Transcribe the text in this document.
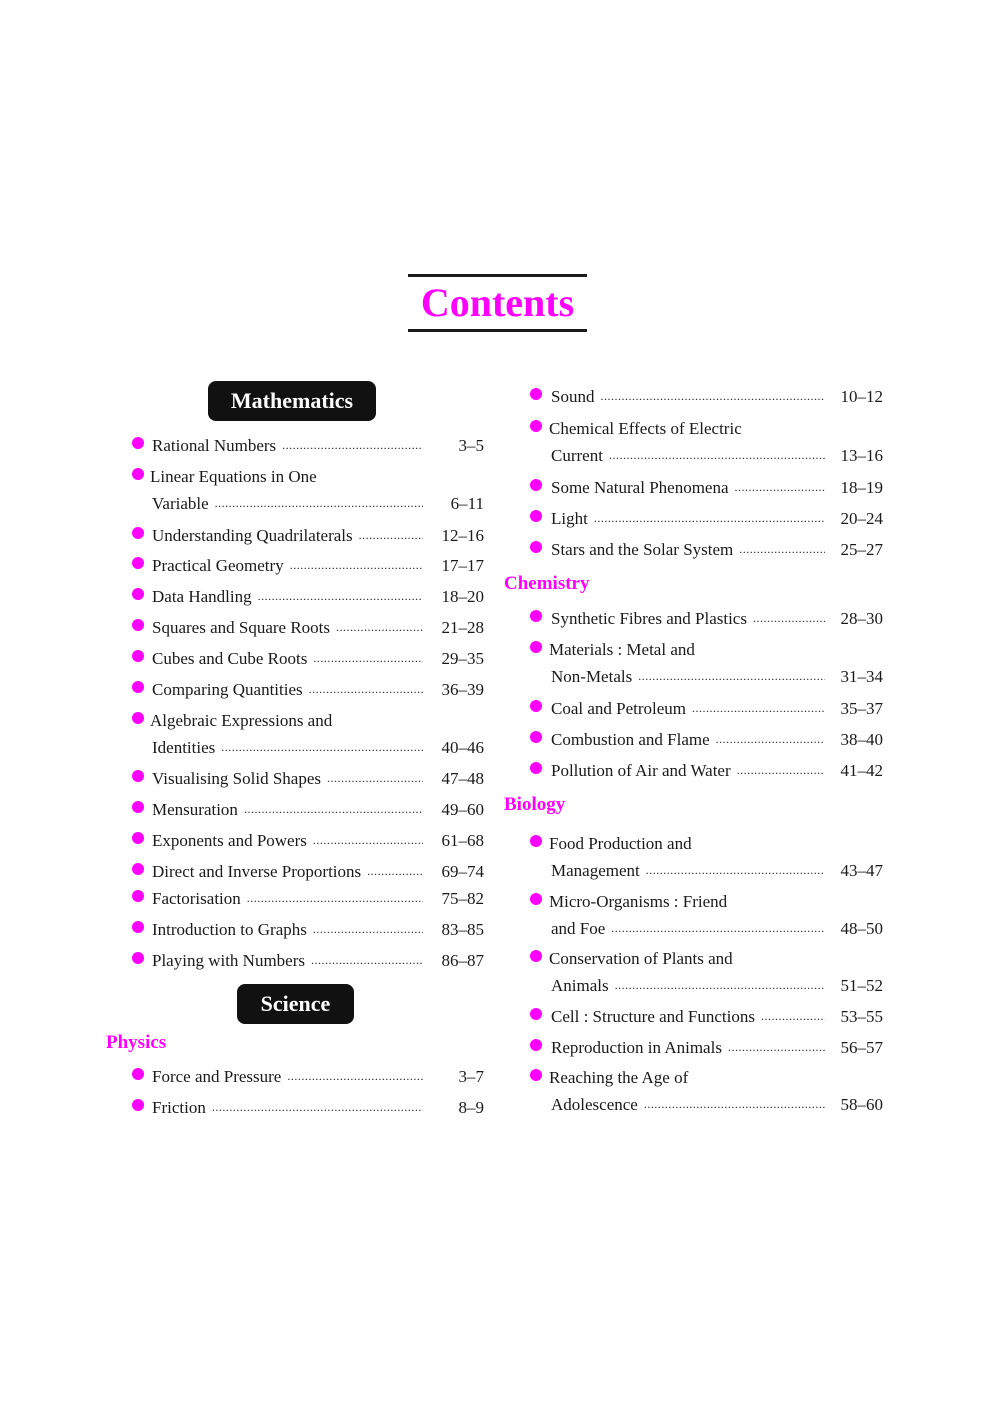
Contents
Mathematics
Science
Physics
Chemistry
Biology
Rational Numbers .....	3–5
Linear Equations in One
Variable .....	6–11
Understanding Quadrilaterals .....	12–16
Practical Geometry .....	17–17
Data Handling .....	18–20
Squares and Square Roots .....	21–28
Cubes and Cube Roots .....	29–35
Comparing Quantities .....	36–39
Algebraic Expressions and
Identities .....	40–46
Visualising Solid Shapes .....	47–48
Mensuration .....	49–60
Exponents and Powers .....	61–68
Direct and Inverse Proportions .....	69–74
Factorisation .....	75–82
Introduction to Graphs .....	83–85
Playing with Numbers .....	86–87
Force and Pressure .....	3–7
Friction .....	8–9
Sound .....	10–12
Chemical Effects of Electric
Current .....	13–16
Some Natural Phenomena .....	18–19
Light .....	20–24
Stars and the Solar System .....	25–27
Synthetic Fibres and Plastics .....	28–30
Materials : Metal and
Non-Metals .....	31–34
Coal and Petroleum .....	35–37
Combustion and Flame .....	38–40
Pollution of Air and Water .....	41–42
Food Production and
Management .....	43–47
Micro-Organisms : Friend
and Foe .....	48–50
Conservation of Plants and
Animals .....	51–52
Cell : Structure and Functions .....	53–55
Reproduction in Animals .....	56–57
Reaching the Age of
Adolescence .....	58–60
